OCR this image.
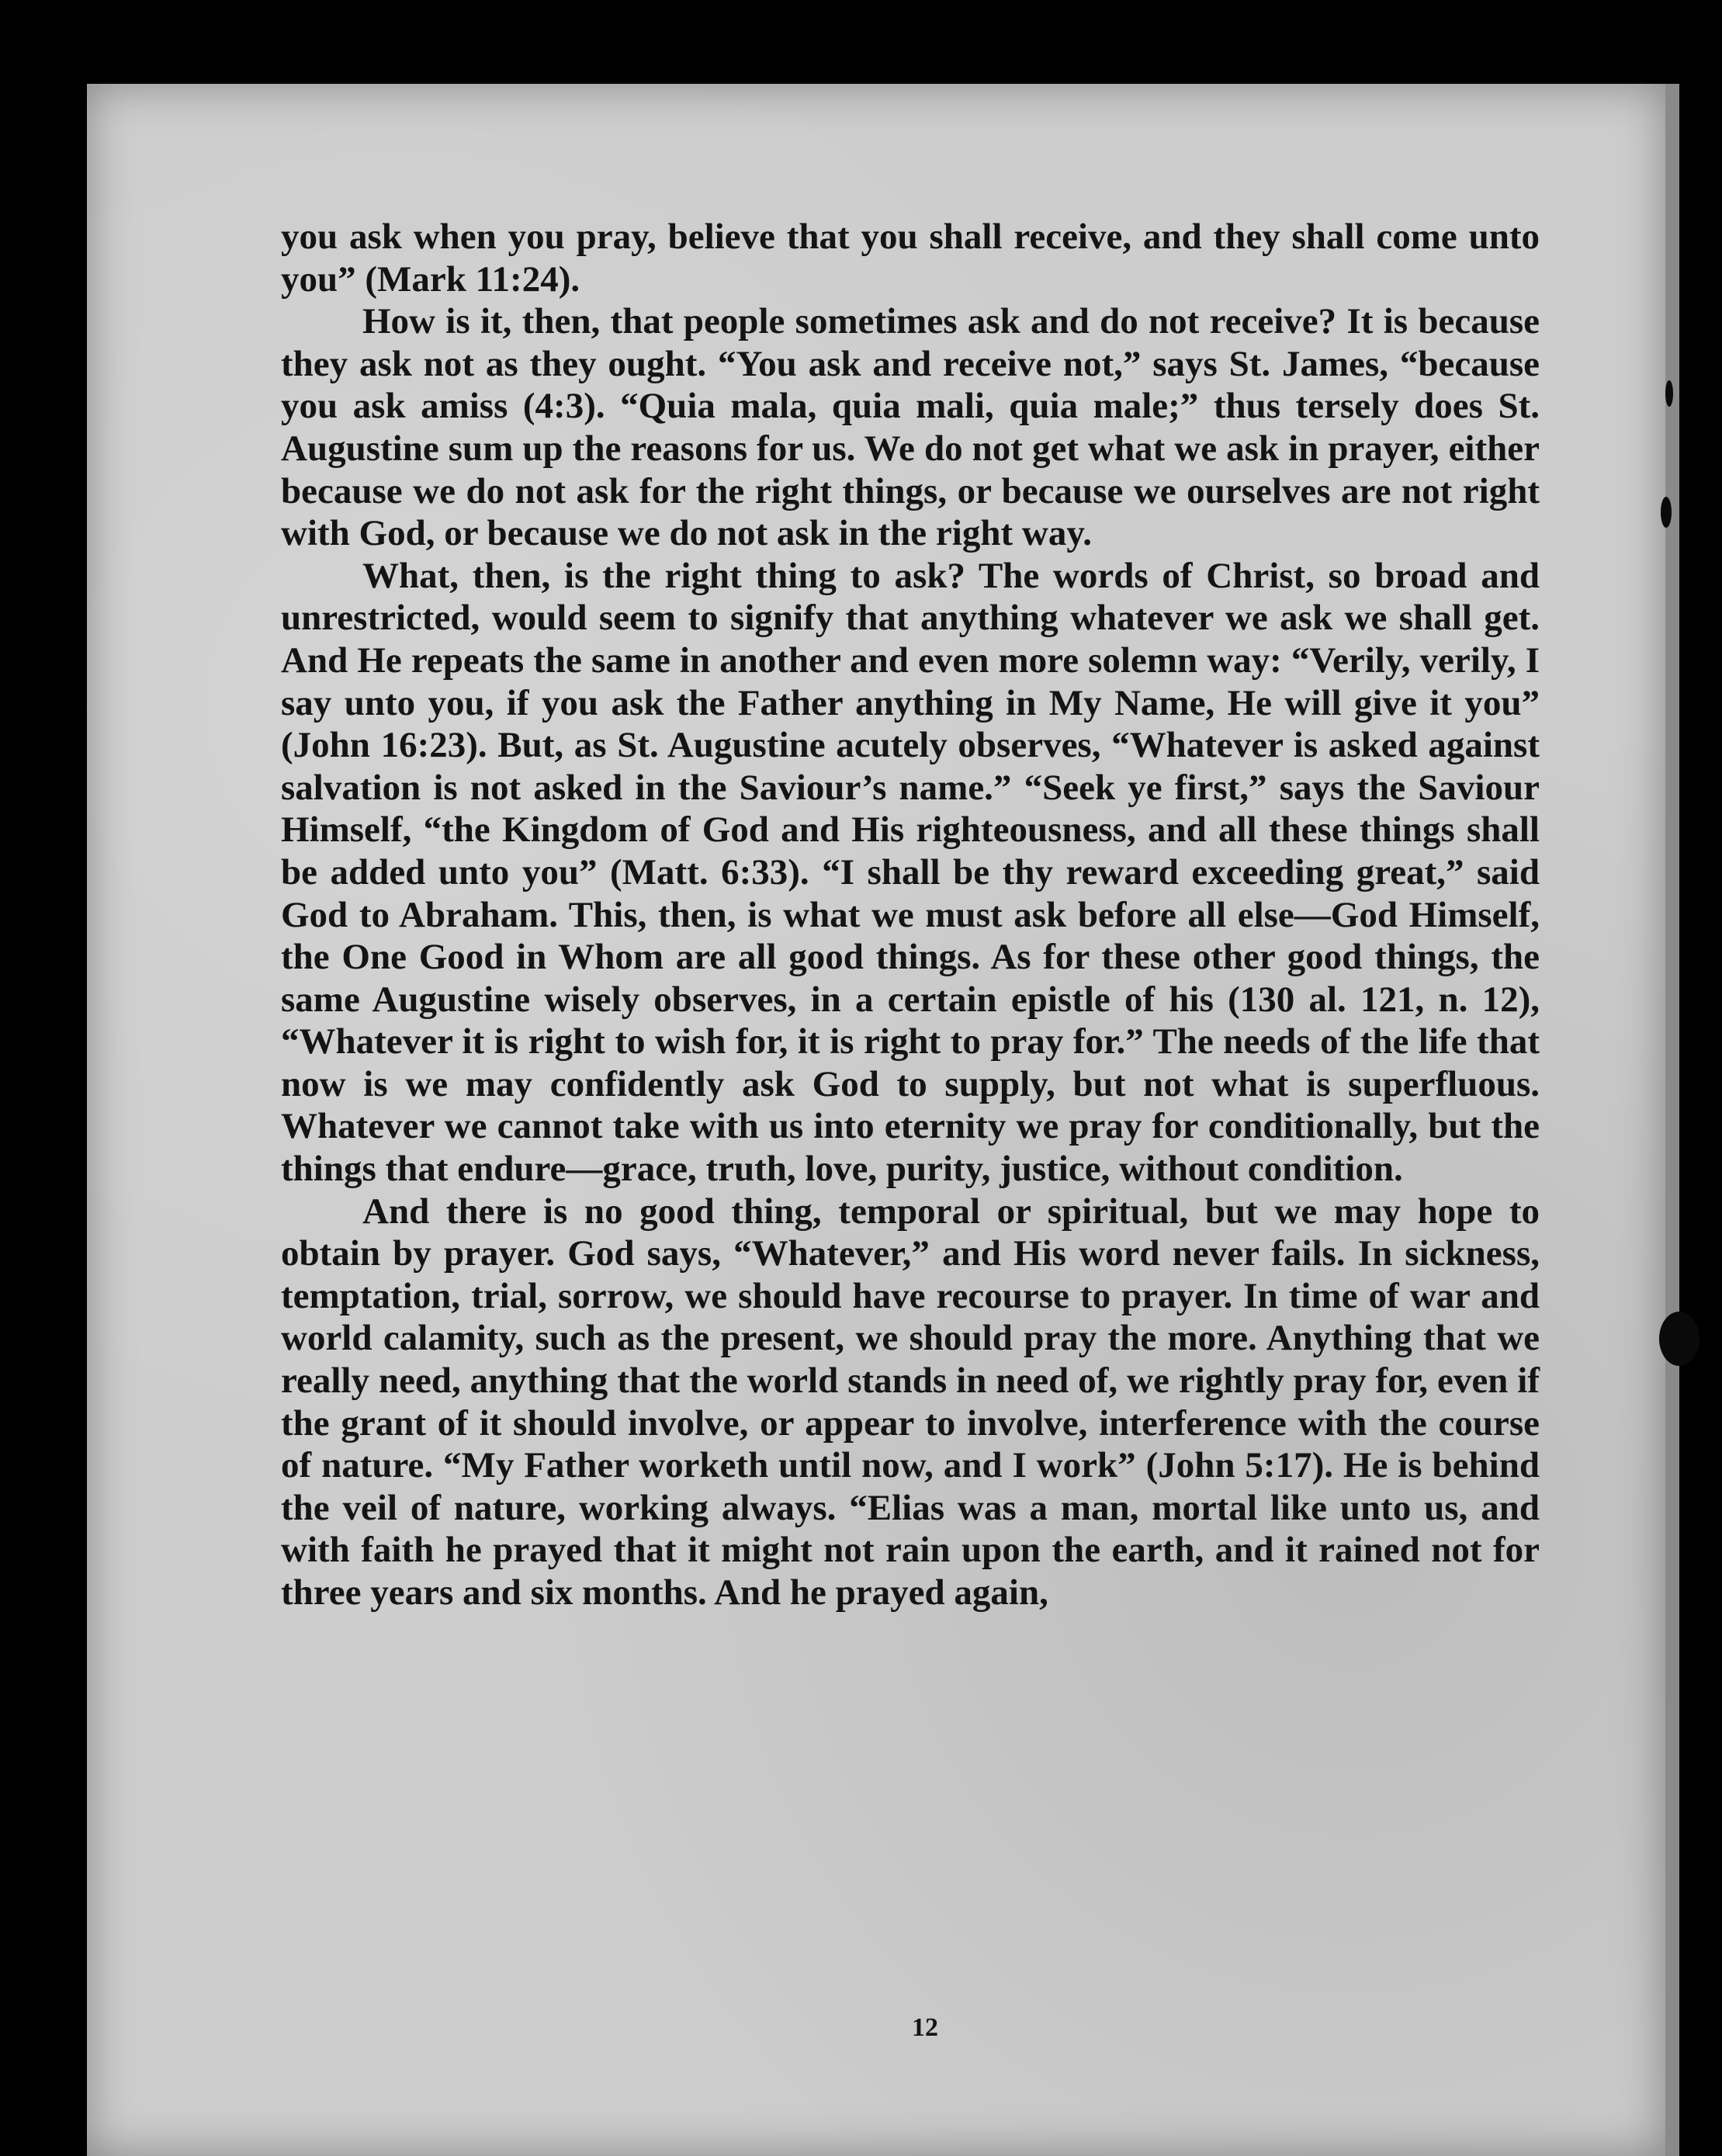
you ask when you pray, believe that you shall receive, and they shall come unto you” (Mark 11:24).

How is it, then, that people sometimes ask and do not receive? It is because they ask not as they ought. “You ask and receive not,” says St. James, “because you ask amiss (4:3). “Quia mala, quia mali, quia male;” thus tersely does St. Augustine sum up the reasons for us. We do not get what we ask in prayer, either because we do not ask for the right things, or because we ourselves are not right with God, or because we do not ask in the right way.

What, then, is the right thing to ask? The words of Christ, so broad and unrestricted, would seem to signify that anything whatever we ask we shall get. And He repeats the same in another and even more solemn way: “Verily, verily, I say unto you, if you ask the Father anything in My Name, He will give it you” (John 16:23). But, as St. Augustine acutely observes, “Whatever is asked against salvation is not asked in the Saviour’s name.” “Seek ye first,” says the Saviour Himself, “the Kingdom of God and His righteousness, and all these things shall be added unto you” (Matt. 6:33). “I shall be thy reward exceeding great,” said God to Abraham. This, then, is what we must ask before all else—God Himself, the One Good in Whom are all good things. As for these other good things, the same Augustine wisely observes, in a certain epistle of his (130 al. 121, n. 12), “Whatever it is right to wish for, it is right to pray for.” The needs of the life that now is we may confidently ask God to supply, but not what is superfluous. Whatever we cannot take with us into eternity we pray for conditionally, but the things that endure—grace, truth, love, purity, justice, without condition.

And there is no good thing, temporal or spiritual, but we may hope to obtain by prayer. God says, “Whatever,” and His word never fails. In sickness, temptation, trial, sorrow, we should have recourse to prayer. In time of war and world calamity, such as the present, we should pray the more. Anything that we really need, anything that the world stands in need of, we rightly pray for, even if the grant of it should involve, or appear to involve, interference with the course of nature. “My Father worketh until now, and I work” (John 5:17). He is behind the veil of nature, working always. “Elias was a man, mortal like unto us, and with faith he prayed that it might not rain upon the earth, and it rained not for three years and six months. And he prayed again,

12
